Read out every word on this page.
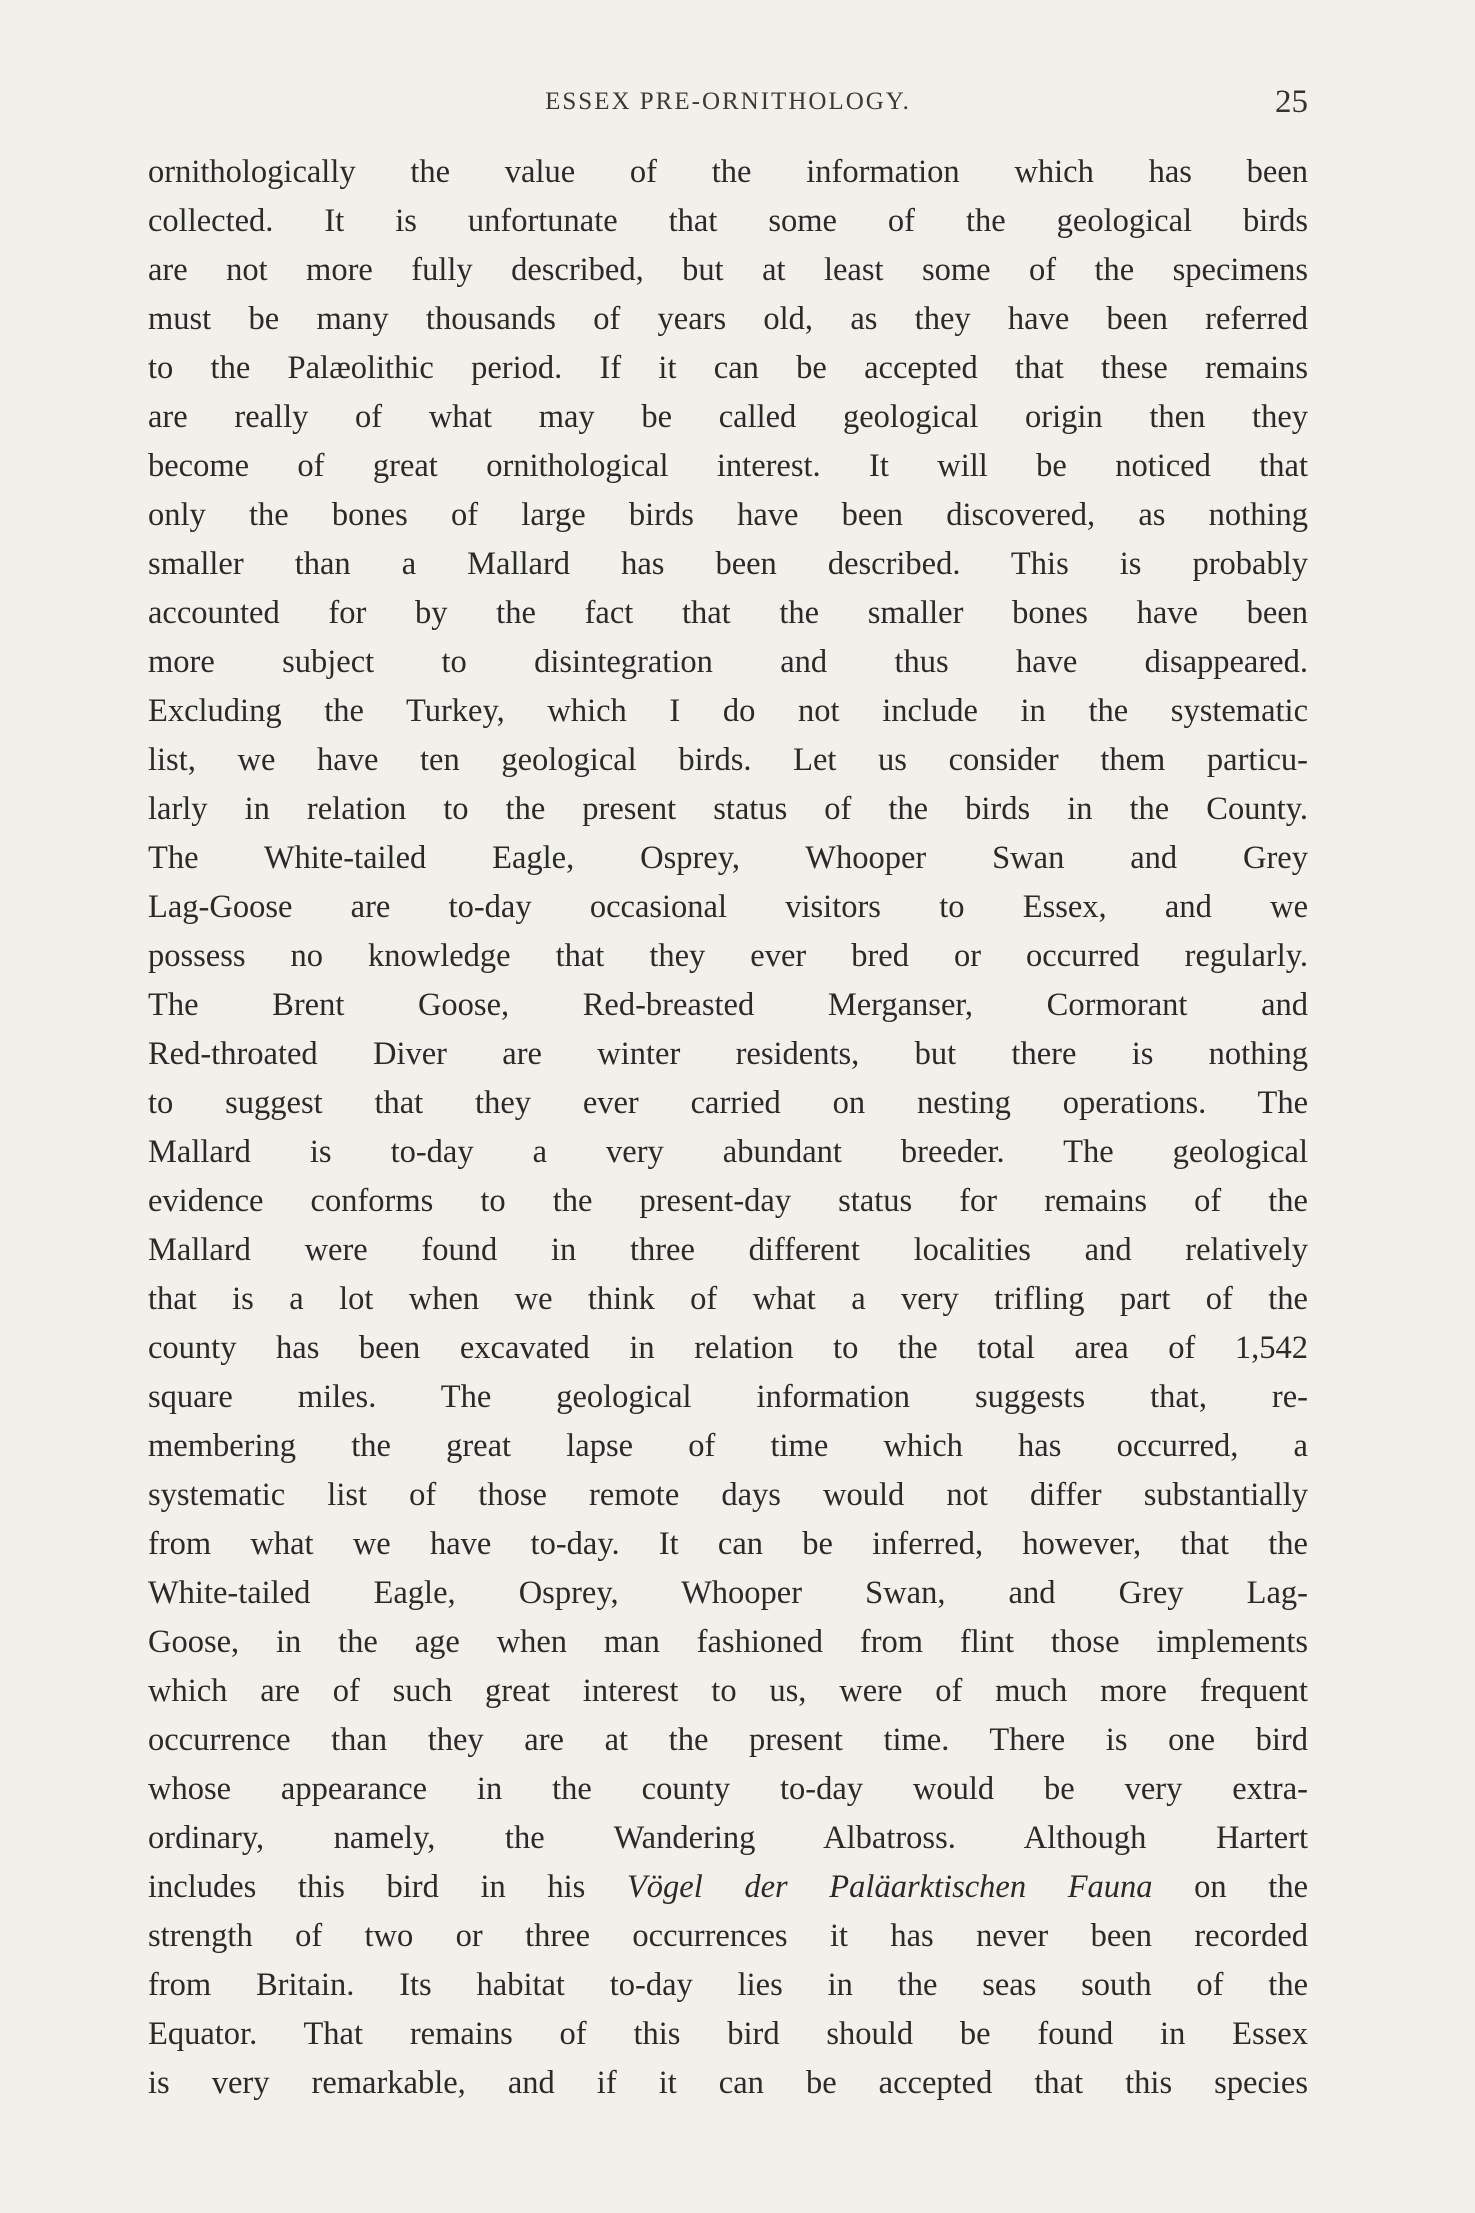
ESSEX PRE-ORNITHOLOGY.	25
ornithologically the value of the information which has been
collected. It is unfortunate that some of the geological birds
are not more fully described, but at least some of the specimens
must be many thousands of years old, as they have been referred
to the Palæolithic period. If it can be accepted that these remains
are really of what may be called geological origin then they
become of great ornithological interest. It will be noticed that
only the bones of large birds have been discovered, as nothing
smaller than a Mallard has been described. This is probably
accounted for by the fact that the smaller bones have been
more subject to disintegration and thus have disappeared.
Excluding the Turkey, which I do not include in the systematic
list, we have ten geological birds. Let us consider them particu-
larly in relation to the present status of the birds in the County.
The White-tailed Eagle, Osprey, Whooper Swan and Grey
Lag-Goose are to-day occasional visitors to Essex, and we
possess no knowledge that they ever bred or occurred regularly.
The Brent Goose, Red-breasted Merganser, Cormorant and
Red-throated Diver are winter residents, but there is nothing
to suggest that they ever carried on nesting operations. The
Mallard is to-day a very abundant breeder. The geological
evidence conforms to the present-day status for remains of the
Mallard were found in three different localities and relatively
that is a lot when we think of what a very trifling part of the
county has been excavated in relation to the total area of 1,542
square miles. The geological information suggests that, re-
membering the great lapse of time which has occurred, a
systematic list of those remote days would not differ substantially
from what we have to-day. It can be inferred, however, that the
White-tailed Eagle, Osprey, Whooper Swan, and Grey Lag-
Goose, in the age when man fashioned from flint those implements
which are of such great interest to us, were of much more frequent
occurrence than they are at the present time. There is one bird
whose appearance in the county to-day would be very extra-
ordinary, namely, the Wandering Albatross. Although Hartert
includes this bird in his Vögel der Paläarktischen Fauna on the
strength of two or three occurrences it has never been recorded
from Britain. Its habitat to-day lies in the seas south of the
Equator. That remains of this bird should be found in Essex
is very remarkable, and if it can be accepted that this species
